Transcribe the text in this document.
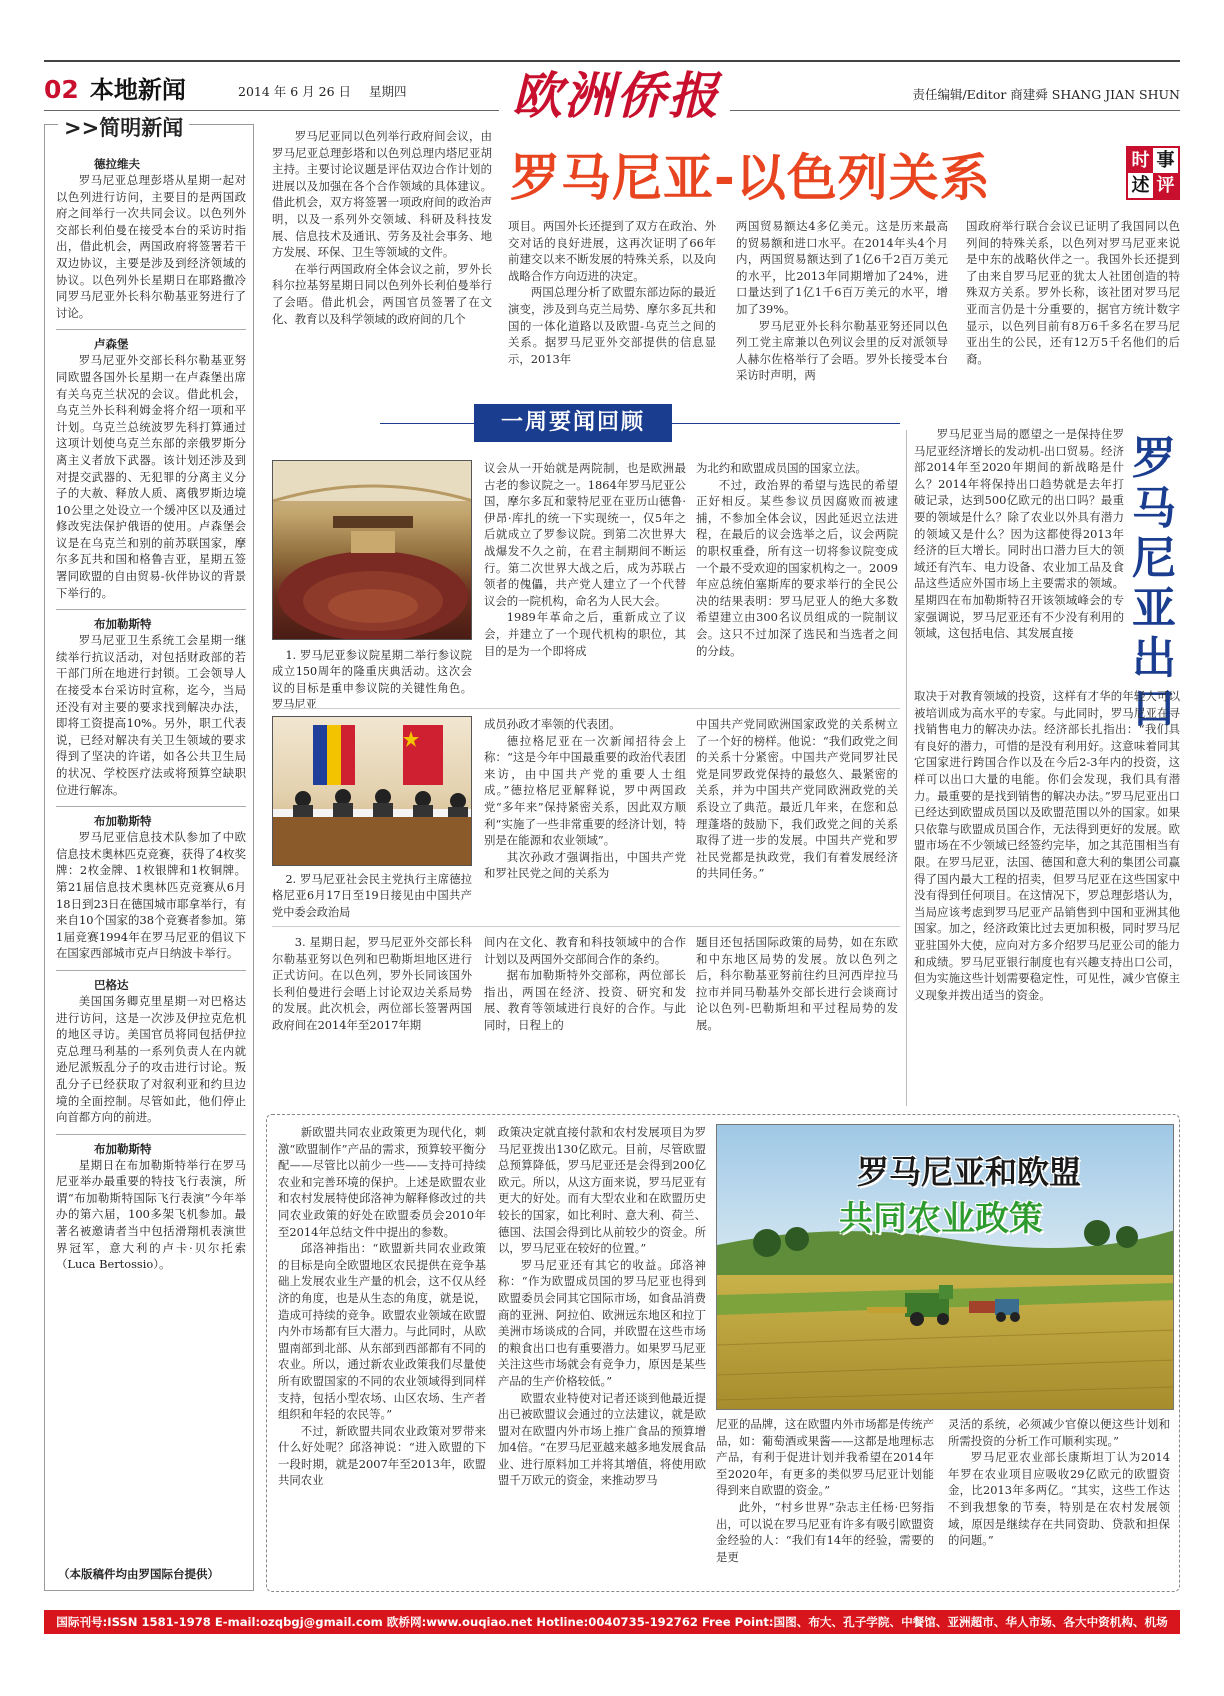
02 本地新闻	2014 年 6 月 26 日 星期四 欧洲侨报	责任编辑/Editor 商建舜 SHANG JIAN SHUN
>>简明新闻
德拉维夫
罗马尼亚总理彭塔从星期一起对以色列进行访问，主要目的是两国政府之间举行一次共同会议。以色列外交部长利伯曼在接受本台的采访时指出，借此机会，两国政府将签署若干双边协议，主要是涉及到经济领域的协议。以色列外长星期日在耶路撒冷同罗马尼亚外长科尔勒基亚努进行了讨论。
卢森堡
罗马尼亚外交部长科尔勒基亚努同欧盟各国外长星期一在卢森堡出席有关乌克兰状况的会议。借此机会，乌克兰外长科利姆金将介绍一项和平计划。乌克兰总统波罗先科打算通过这项计划使乌克兰东部的亲俄罗斯分离主义者放下武器。该计划还涉及到对提交武器的、无犯罪的分离主义分子的大赦、释放人质、离俄罗斯边境10公里之处设立一个缓冲区以及通过修改宪法保护俄语的使用。卢森堡会议是在乌克兰和别的前苏联国家，摩尔多瓦共和国和格鲁吉亚，星期五签署同欧盟的自由贸易-伙伴协议的背景下举行的。
布加勒斯特
罗马尼亚卫生系统工会星期一继续举行抗议活动，对包括财政部的若干部门所在地进行封锁。工会领导人在接受本台采访时宣称，迄今，当局还没有对主要的要求找到解决办法，即将工资提高10%。另外，职工代表说，已经对解决有关卫生领域的要求得到了坚决的许诺，如各公共卫生局的状况、学校医疗法或将预算空缺职位进行解冻。
布加勒斯特
罗马尼亚信息技术队参加了中欧信息技术奥林匹克竞赛，获得了4枚奖牌：2枚金牌、1枚银牌和1枚铜牌。第21届信息技术奥林匹克竞赛从6月18日到23日在德国城市耶拿举行，有来自10个国家的38个竞赛者参加。第1届竞赛1994年在罗马尼亚的倡议下在国家西部城市克卢日纳波卡举行。
巴格达
美国国务卿克里星期一对巴格达进行访问，这是一次涉及伊拉克危机的地区寻访。美国官员将同包括伊拉克总理马利基的一系列负责人在内就逊尼派叛乱分子的攻击进行讨论。叛乱分子已经获取了对叙利亚和约旦边境的全面控制。尽管如此，他们停止向首都方向的前进。
布加勒斯特
星期日在布加勒斯特举行在罗马尼亚举办最重要的特技飞行表演，所谓“布加勒斯特国际飞行表演”今年举办的第六届，100多架飞机参加。最著名被邀请者当中包括滑翔机表演世界冠军，意大利的卢卡·贝尔托索（Luca Bertossio）。
（本版稿件均由罗国际台提供）

罗马尼亚同以色列举行政府间会议，由罗马尼亚总理彭塔和以色列总理内塔尼亚胡主持。主要讨论议题是评估双边合作计划的进展以及加强在各个合作领域的具体建议。借此机会，双方将签署一项政府间的政治声明，以及一系列外交领域、科研及科技发展、信息技术及通讯、劳务及社会事务、地方发展、环保、卫生等领域的文件。

在举行两国政府全体会议之前，罗外长科尔拉基努星期日同以色列外长利伯曼举行了会晤。借此机会，两国官员签署了在文化、教育以及科学领域的政府间的几个

罗马尼亚-以色列关系	时 事
述 评

项目。两国外长还提到了双方在政治、外交对话的良好进展，这再次证明了66年前建交以来不断发展的特殊关系，以及向战略合作方向迈进的决定。

两国总理分析了欧盟东部边际的最近演变，涉及到乌克兰局势、摩尔多瓦共和国的一体化道路以及欧盟-乌克兰之间的关系。据罗马尼亚外交部提供的信息显示，2013年

两国贸易额达4多亿美元。这是历来最高的贸易额和进口水平。在2014年头4个月内，两国贸易额达到了1亿6千2百万美元的水平，比2013年同期增加了24%，进口量达到了1亿1千6百万美元的水平，增加了39%。

罗马尼亚外长科尔勒基亚努还同以色列工党主席兼以色列议会里的反对派领导人赫尔佐格举行了会晤。罗外长接受本台采访时声明，两

国政府举行联合会议已证明了我国同以色列间的特殊关系，以色列对罗马尼亚来说是中东的战略伙伴之一。我国外长还提到了由来自罗马尼亚的犹太人社团创造的特殊双方关系。罗外长称，该社团对罗马尼亚而言仍是十分重要的，据官方统计数字显示，以色列目前有8万6千多名在罗马尼亚出生的公民，还有12万5千名他们的后裔。

一周要闻回顾
1. 罗马尼亚参议院星期二举行参议院成立150周年的隆重庆典活动。这次会议的目标是重申参议院的关键性角色。罗马尼亚

议会从一开始就是两院制，也是欧洲最古老的参议院之一。1864年罗马尼亚公国，摩尔多瓦和蒙特尼亚在亚历山德鲁·伊昂·库扎的统一下实现统一，仅5年之后就成立了罗参议院。到第二次世界大战爆发不久之前，在君主制期间不断运行。第二次世界大战之后，成为苏联占领者的傀儡，共产党人建立了一个代替议会的一院机构，命名为人民大会。

1989年革命之后，重新成立了议会，并建立了一个现代机构的职位，其目的是为一个即将成

为北约和欧盟成员国的国家立法。

不过，政治界的希望与选民的希望正好相反。某些参议员因腐败而被逮捕，不参加全体会议，因此延迟立法进程，在最后的议会选举之后，议会两院的职权重叠，所有这一切将参议院变成一个最不受欢迎的国家机构之一。2009年应总统伯塞斯库的要求举行的全民公决的结果表明：罗马尼亚人的绝大多数希望建立由300名议员组成的一院制议会。这只不过加深了选民和当选者之间的分歧。

2. 罗马尼亚社会民主党执行主席德拉格尼亚6月17日至19日接见由中国共产党中委会政治局

成员孙政才率领的代表团。

德拉格尼亚在一次新闻招待会上称：“这是今年中国最重要的政治代表团来访，由中国共产党的重要人士组成。”德拉格尼亚解释说，罗中两国政党“多年来”保持紧密关系，因此双方顺利“实施了一些非常重要的经济计划，特别是在能源和农业领域”。

其次孙政才强调指出，中国共产党和罗社民党之间的关系为

中国共产党同欧洲国家政党的关系树立了一个好的榜样。他说：“我们政党之间的关系十分紧密。中国共产党同罗社民党是同罗政党保持的最悠久、最紧密的关系，并为中国共产党同欧洲政党的关系设立了典范。最近几年来，在您和总理蓬塔的鼓励下，我们政党之间的关系取得了进一步的发展。中国共产党和罗社民党都是执政党，我们有着发展经济的共同任务。”

3. 星期日起，罗马尼亚外交部长科尔勒基亚努以色列和巴勒斯坦地区进行正式访问。在以色列，罗外长同该国外长利伯曼进行会晤上讨论双边关系局势的发展。此次机会，两位部长签署两国政府间在2014年至2017年期

间内在文化、教育和科技领域中的合作计划以及两国外交部间合作的条约。

据布加勒斯特外交部称，两位部长指出，两国在经济、投资、研究和发展、教育等领域进行良好的合作。与此同时，日程上的

题目还包括国际政策的局势，如在东欧和中东地区局势的发展。放以色列之后，科尔勒基亚努前往约旦河西岸拉马拉市并同马勒基外交部长进行会谈商讨论以色列-巴勒斯坦和平过程局势的发展。

罗马尼亚当局的愿望之一是保持住罗马尼亚经济增长的发动机-出口贸易。经济部2014年至2020年期间的新战略是什么？2014年将保持出口趋势就是去年打破记录，达到500亿欧元的出口吗？最重要的领域是什么？除了农业以外具有潜力的领域又是什么？因为这都使得2013年经济的巨大增长。同时出口潜力巨大的领域还有汽车、电力设备、农业加工品及食品这些适应外国市场上主要需求的领域。星期四在布加勒斯特召开该领域峰会的专家强调说，罗马尼亚还有不少没有利用的领域，这包括电信、其发展直接

罗马尼亚出口

取决于对教育领域的投资，这样有才华的年轻人可以被培训成为高水平的专家。与此同时，罗马尼亚在寻找销售电力的解决办法。经济部长扎指出：“我们具有良好的潜力，可惜的是没有利用好。这意味着同其它国家进行跨国合作以及在今后2-3年内的投资，这样可以出口大量的电能。你们会发现，我们具有潜力。最重要的是找到销售的解决办法。”罗马尼亚出口已经达到欧盟成员国以及欧盟范围以外的国家。如果只依靠与欧盟成员国合作，无法得到更好的发展。欧盟市场在不少领域已经签约完毕，加之其范围相当有限。在罗马尼亚，法国、德国和意大利的集团公司赢得了国内最大工程的招卖，但罗马尼亚在这些国家中没有得到任何项目。在这情况下，罗总理彭塔认为，当局应该考虑到罗马尼亚产品销售到中国和亚洲其他国家。加之，经济政策比过去更加积极，同时罗马尼亚驻国外大使，应向对方多介绍罗马尼亚公司的能力和成绩。罗马尼亚银行制度也有兴趣支持出口公司，但为实施这些计划需要稳定性，可见性，减少官僚主义现象并拨出适当的资金。

新欧盟共同农业政策更为现代化，刺激“欧盟制作”产品的需求，预算较平衡分配——尽管比以前少一些——支持可持续农业和完善环境的保护。上述是欧盟农业和农村发展特使邱洛神为解释修改过的共同农业政策的好处在欧盟委员会2010年至2014年总结文件中提出的参数。

邱洛神指出：“欧盟新共同农业政策的目标是向全欧盟地区农民提供在竞争基础上发展农业生产量的机会，这不仅从经济的角度，也是从生态的角度，就是说，造成可持续的竞争。欧盟农业领域在欧盟内外市场都有巨大潜力。与此同时，从欧盟南部到北部、从东部到西部都有不同的农业。所以，通过新农业政策我们尽量使所有欧盟国家的不同的农业领域得到同样支持，包括小型农场、山区农场、生产者组织和年轻的农民等。”

不过，新欧盟共同农业政策对罗带来什么好处呢？邱洛神说：“进入欧盟的下一段时期，就是2007年至2013年，欧盟共同农业

政策决定就直接付款和农村发展项目为罗马尼亚拨出130亿欧元。目前，尽管欧盟总预算降低，罗马尼亚还是会得到200亿欧元。所以，从这方面来说，罗马尼亚有更大的好处。而有大型农业和在欧盟历史较长的国家，如比利时、意大利、荷兰、德国、法国会得到比从前较少的资金。所以，罗马尼亚在较好的位置。”

罗马尼亚还有其它的收益。邱洛神称：“作为欧盟成员国的罗马尼亚也得到欧盟委员会同其它国际市场，如食品消费商的亚洲、阿拉伯、欧洲远东地区和拉丁美洲市场谈成的合同，并欧盟在这些市场的粮食出口也有重要潜力。如果罗马尼亚关注这些市场就会有竞争力，原因是某些产品的生产价格较低。”

欧盟农业特使对记者还谈到他最近提出已被欧盟议会通过的立法建议，就是欧盟对在欧盟内外市场上推广食品的预算增加4倍。“在罗马尼亚越来越多地发展食品业、进行原料加工并将其增值，将使用欧盟千万欧元的资金，来推动罗马

罗马尼亚和欧盟
共同农业政策

尼亚的品牌，这在欧盟内外市场都是传统产品，如：葡萄酒或果酱——这都是地理标志产品，有利于促进计划并我希望在2014年至2020年，有更多的类似罗马尼亚计划能得到来自欧盟的资金。”

此外，“村乡世界”杂志主任杨·巴努指出，可以说在罗马尼亚有许多有吸引欧盟资金经验的人：“我们有14年的经验，需要的是更

灵活的系统，必须减少官僚以便这些计划和所需投资的分析工作可顺利实现。”

罗马尼亚农业部长康斯坦丁认为2014年罗在农业项目应吸收29亿欧元的欧盟资金，比2013年多两亿。“其实，这些工作达不到我想象的节奏，特别是在农村发展领域，原因是继续存在共同资助、贷款和担保的问题。”

国际刊号:ISSN 1581-1978 E-mail:ozqbgj@gmail.com 欧桥网:www.ouqiao.net Hotline:0040735-192762 Free Point:国图、布大、孔子学院、中餐馆、亚洲超市、华人市场、各大中资机构、机场
